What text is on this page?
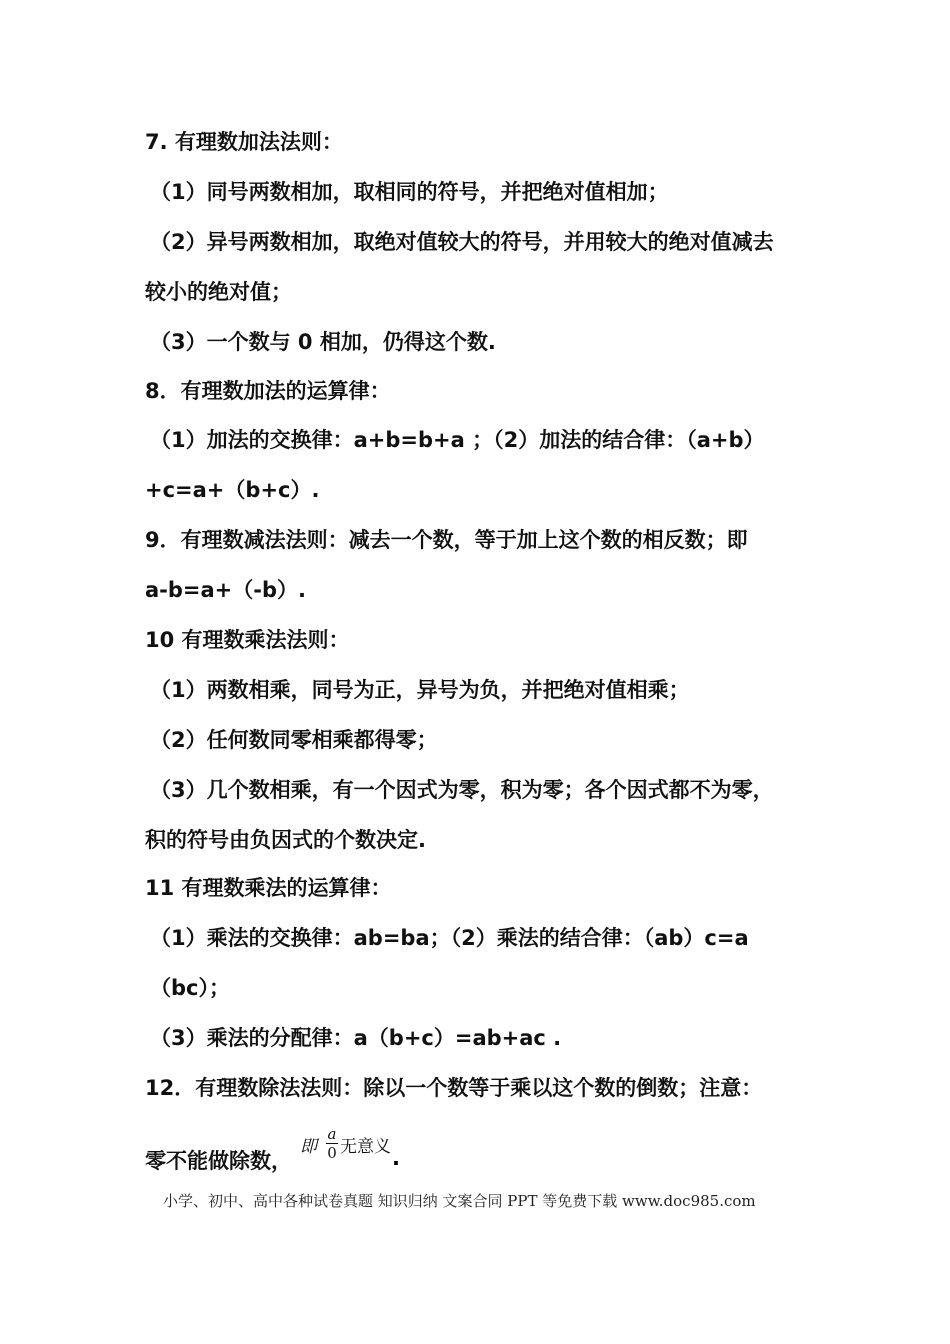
7. 有理数加法法则：
（1）同号两数相加，取相同的符号，并把绝对值相加；
（2）异号两数相加，取绝对值较大的符号，并用较大的绝对值减去
较小的绝对值；
（3）一个数与 0 相加，仍得这个数.
8．有理数加法的运算律：
（1）加法的交换律：a+b=b+a ；（2）加法的结合律：（a+b）
+c=a+（b+c）.
9．有理数减法法则：减去一个数，等于加上这个数的相反数；即
a-b=a+（-b）.
10 有理数乘法法则：
（1）两数相乘，同号为正，异号为负，并把绝对值相乘；
（2）任何数同零相乘都得零；
（3）几个数相乘，有一个因式为零，积为零；各个因式都不为零，
积的符号由负因式的个数决定.
11 有理数乘法的运算律：
（1）乘法的交换律：ab=ba；（2）乘法的结合律：（ab）c=a
（bc）；
（3）乘法的分配律：a（b+c）=ab+ac .
12．有理数除法法则：除以一个数等于乘以这个数的倒数；注意：
零不能做除数，
即
a
0 无意义 .
小学、初中、高中各种试卷真题 知识归纳 文案合同 PPT 等免费下载 www.doc985.com
